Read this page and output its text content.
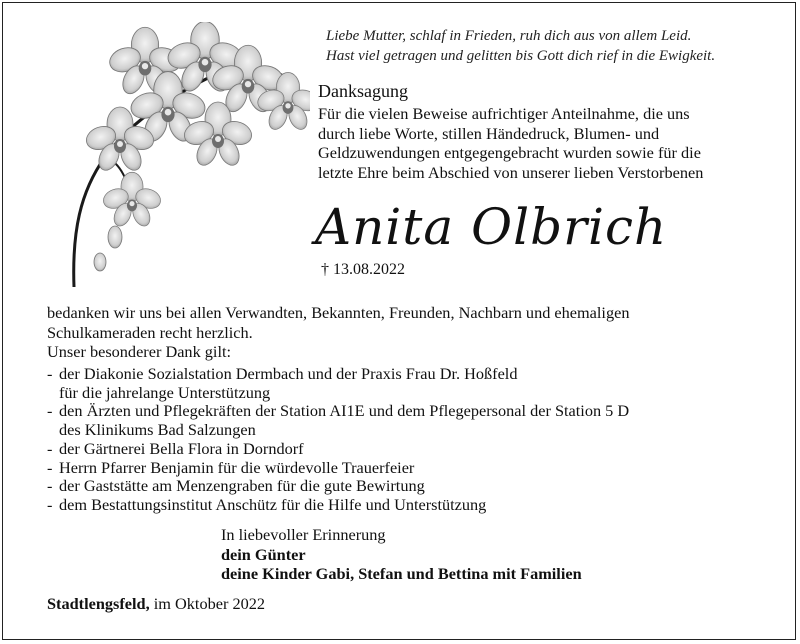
Liebe Mutter, schlaf in Frieden, ruh dich aus von allem Leid.
Hast viel getragen und gelitten bis Gott dich rief in die Ewigkeit.
Danksagung
Für die vielen Beweise aufrichtiger Anteilnahme, die uns
durch liebe Worte, stillen Händedruck, Blumen- und
Geldzuwendungen entgegengebracht wurden sowie für die
letzte Ehre beim Abschied von unserer lieben Verstorbenen
Anita Olbrich
† 13.08.2022
bedanken wir uns bei allen Verwandten, Bekannten, Freunden, Nachbarn und ehemaligen
Schulkameraden recht herzlich.
Unser besonderer Dank gilt:
- der Diakonie Sozialstation Dermbach und der Praxis Frau Dr. Hoßfeld
für die jahrelange Unterstützung
- den Ärzten und Pflegekräften der Station AI1E und dem Pflegepersonal der Station 5 D
des Klinikums Bad Salzungen
- der Gärtnerei Bella Flora in Dorndorf
- Herrn Pfarrer Benjamin für die würdevolle Trauerfeier
- der Gaststätte am Menzengraben für die gute Bewirtung
- dem Bestattungsinstitut Anschütz für die Hilfe und Unterstützung
In liebevoller Erinnerung
dein Günter
deine Kinder Gabi, Stefan und Bettina mit Familien
Stadtlengsfeld, im Oktober 2022
